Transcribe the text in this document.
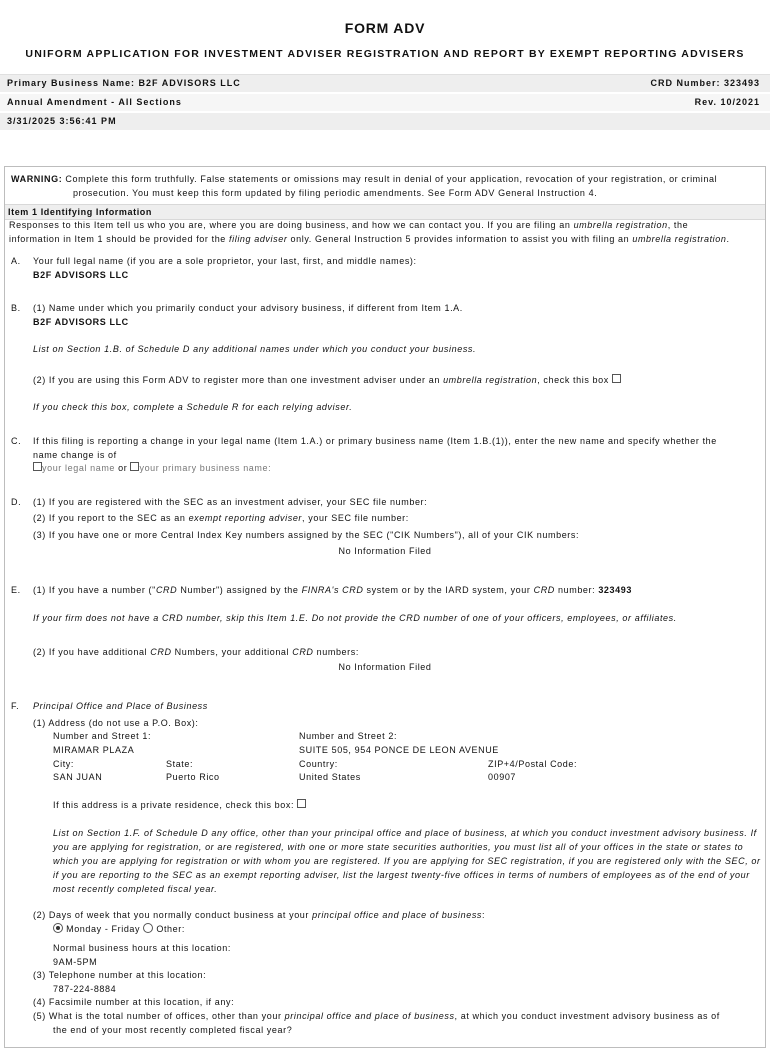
FORM ADV
UNIFORM APPLICATION FOR INVESTMENT ADVISER REGISTRATION AND REPORT BY EXEMPT REPORTING ADVISERS
Primary Business Name: B2F ADVISORS LLC	CRD Number: 323493
Annual Amendment - All Sections	Rev. 10/2021
3/31/2025 3:56:41 PM
WARNING: Complete this form truthfully. False statements or omissions may result in denial of your application, revocation of your registration, or criminal
prosecution. You must keep this form updated by filing periodic amendments. See Form ADV General Instruction 4.
Item 1 Identifying Information
Responses to this Item tell us who you are, where you are doing business, and how we can contact you. If you are filing an umbrella registration, the
information in Item 1 should be provided for the filing adviser only. General Instruction 5 provides information to assist you with filing an umbrella registration.
A. Your full legal name (if you are a sole proprietor, your last, first, and middle names):
B2F ADVISORS LLC
B. (1) Name under which you primarily conduct your advisory business, if different from Item 1.A.
B2F ADVISORS LLC
List on Section 1.B. of Schedule D any additional names under which you conduct your business.
(2) If you are using this Form ADV to register more than one investment adviser under an umbrella registration, check this box
If you check this box, complete a Schedule R for each relying adviser.
C. If this filing is reporting a change in your legal name (Item 1.A.) or primary business name (Item 1.B.(1)), enter the new name and specify whether the
name change is of
your legal name or your primary business name:
D. (1) If you are registered with the SEC as an investment adviser, your SEC file number:
(2) If you report to the SEC as an exempt reporting adviser, your SEC file number:
(3) If you have one or more Central Index Key numbers assigned by the SEC ("CIK Numbers"), all of your CIK numbers:
No Information Filed
E. (1) If you have a number ("CRD Number") assigned by the FINRA's CRD system or by the IARD system, your CRD number: 323493
If your firm does not have a CRD number, skip this Item 1.E. Do not provide the CRD number of one of your officers, employees, or affiliates.
(2) If you have additional CRD Numbers, your additional CRD numbers:
No Information Filed
F. Principal Office and Place of Business
(1) Address (do not use a P.O. Box):
Number and Street 1:	Number and Street 2:
MIRAMAR PLAZA	SUITE 505, 954 PONCE DE LEON AVENUE
City:	State:	Country:	ZIP+4/Postal Code:
SAN JUAN	Puerto Rico	United States	00907
If this address is a private residence, check this box:
List on Section 1.F. of Schedule D any office, other than your principal office and place of business, at which you conduct investment advisory business. If
you are applying for registration, or are registered, with one or more state securities authorities, you must list all of your offices in the state or states to
which you are applying for registration or with whom you are registered. If you are applying for SEC registration, if you are registered only with the SEC, or
if you are reporting to the SEC as an exempt reporting adviser, list the largest twenty-five offices in terms of numbers of employees as of the end of your
most recently completed fiscal year.
(2) Days of week that you normally conduct business at your principal office and place of business:
Monday - Friday Other:
Normal business hours at this location:
9AM-5PM
(3) Telephone number at this location:
787-224-8884
(4) Facsimile number at this location, if any:
(5) What is the total number of offices, other than your principal office and place of business, at which you conduct investment advisory business as of
the end of your most recently completed fiscal year?
